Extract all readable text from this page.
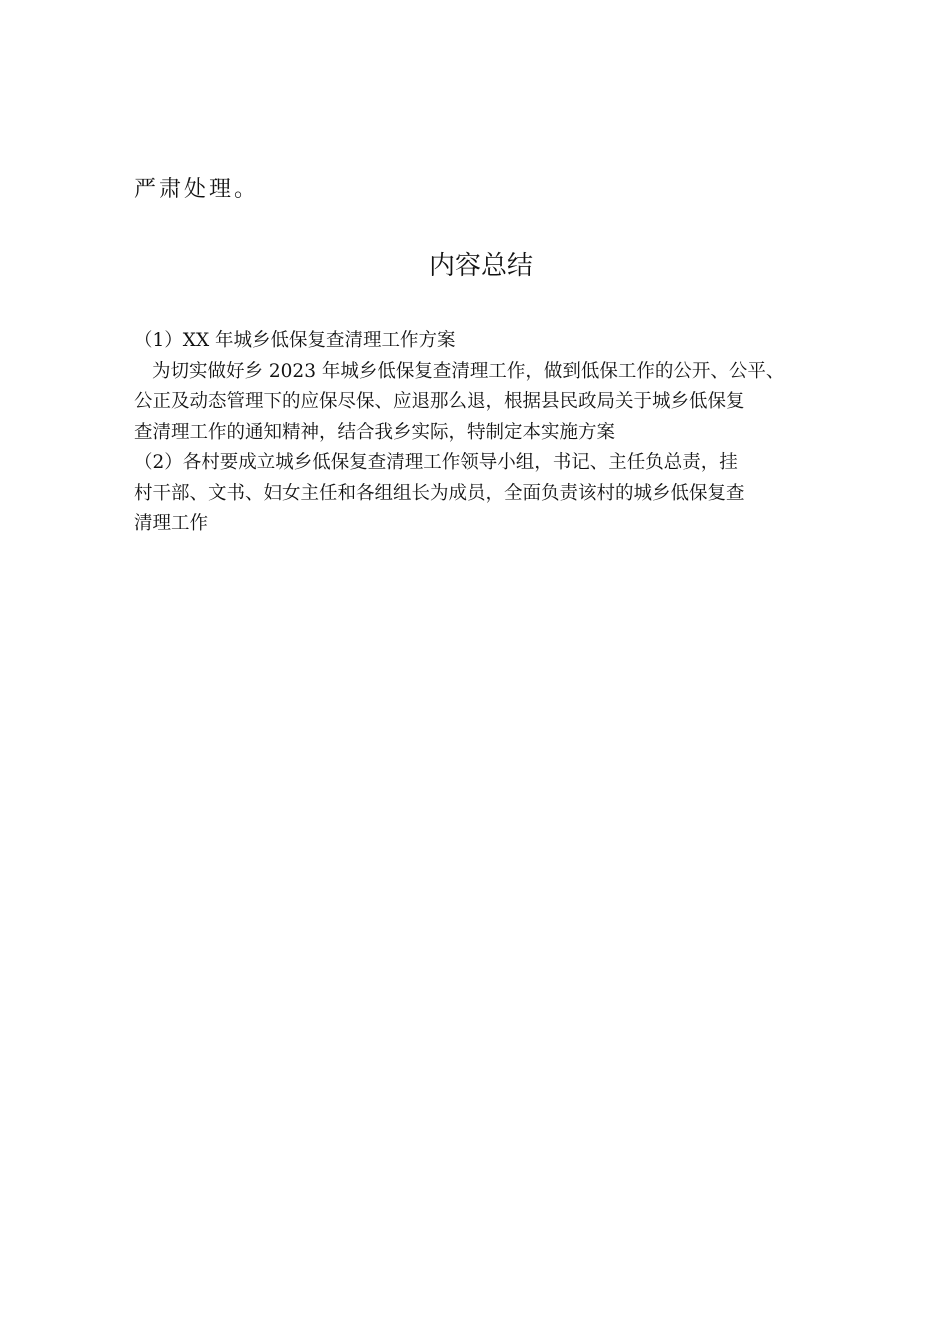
严肃处理。
内容总结
（1）XX 年城乡低保复查清理工作方案
为切实做好乡 2023 年城乡低保复查清理工作，做到低保工作的公开、公平、
公正及动态管理下的应保尽保、应退那么退，根据县民政局关于城乡低保复
查清理工作的通知精神，结合我乡实际，特制定本实施方案
（2）各村要成立城乡低保复查清理工作领导小组，书记、主任负总责，挂
村干部、文书、妇女主任和各组组长为成员，全面负责该村的城乡低保复查
清理工作
